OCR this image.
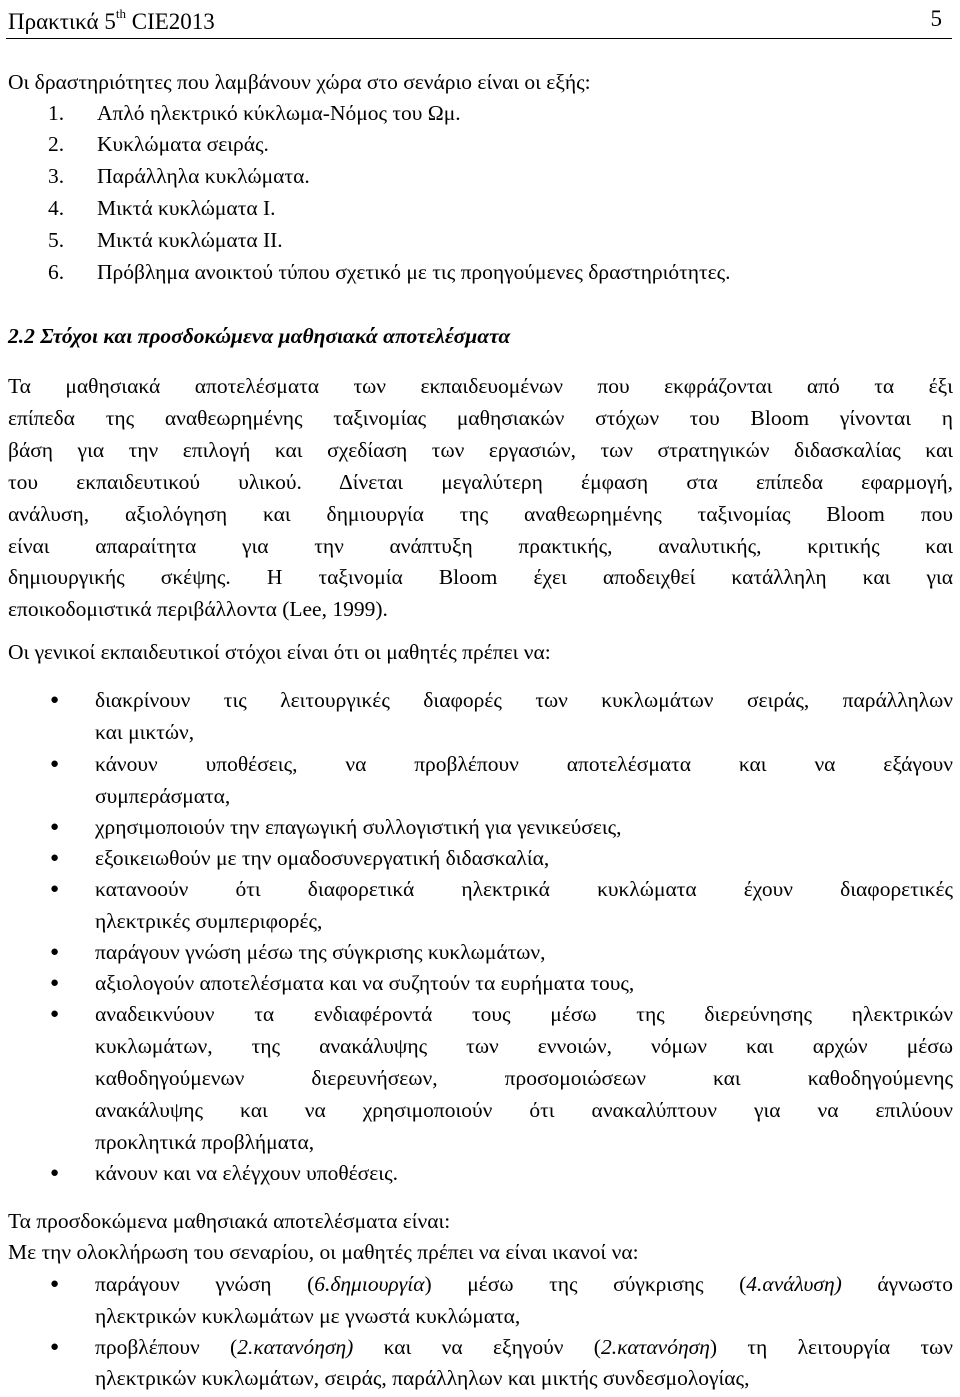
Πρακτικά 5th CIE2013	5
Οι δραστηριότητες που λαμβάνουν χώρα στο σενάριο είναι οι εξής:
1. Απλό ηλεκτρικό κύκλωμα-Νόμος του Ωμ.
2. Κυκλώματα σειράς.
3. Παράλληλα κυκλώματα.
4. Μικτά κυκλώματα Ι.
5. Μικτά κυκλώματα ΙΙ.
6. Πρόβλημα ανοικτού τύπου σχετικό με τις προηγούμενες δραστηριότητες.
2.2 Στόχοι και προσδοκώμενα μαθησιακά αποτελέσματα
Τα μαθησιακά αποτελέσματα των εκπαιδευομένων που εκφράζονται από τα έξι
επίπεδα της αναθεωρημένης ταξινομίας μαθησιακών στόχων του Bloom γίνονται η
βάση για την επιλογή και σχεδίαση των εργασιών, των στρατηγικών διδασκαλίας και
του εκπαιδευτικού υλικού. Δίνεται μεγαλύτερη έμφαση στα επίπεδα εφαρμογή,
ανάλυση, αξιολόγηση και δημιουργία της αναθεωρημένης ταξινομίας Bloom που
είναι απαραίτητα για την ανάπτυξη πρακτικής, αναλυτικής, κριτικής και
δημιουργικής σκέψης. Η ταξινομία Bloom έχει αποδειχθεί κατάλληλη και για
εποικοδομιστικά περιβάλλοντα (Lee, 1999).
Οι γενικοί εκπαιδευτικοί στόχοι είναι ότι οι μαθητές πρέπει να:
● διακρίνουν τις λειτουργικές διαφορές των κυκλωμάτων σειράς, παράλληλων
και μικτών,
● κάνουν υποθέσεις, να προβλέπουν αποτελέσματα και να εξάγουν
συμπεράσματα,
● χρησιμοποιούν την επαγωγική συλλογιστική για γενικεύσεις,
● εξοικειωθούν με την ομαδοσυνεργατική διδασκαλία,
● κατανοούν ότι διαφορετικά ηλεκτρικά κυκλώματα έχουν διαφορετικές
ηλεκτρικές συμπεριφορές,
● παράγουν γνώση μέσω της σύγκρισης κυκλωμάτων,
● αξιολογούν αποτελέσματα και να συζητούν τα ευρήματα τους,
● αναδεικνύουν τα ενδιαφέροντά τους μέσω της διερεύνησης ηλεκτρικών
κυκλωμάτων, της ανακάλυψης των εννοιών, νόμων και αρχών μέσω
καθοδηγούμενων διερευνήσεων, προσομοιώσεων και καθοδηγούμενης
ανακάλυψης και να χρησιμοποιούν ότι ανακαλύπτουν για να επιλύουν
προκλητικά προβλήματα,
● κάνουν και να ελέγχουν υποθέσεις.
Τα προσδοκώμενα μαθησιακά αποτελέσματα είναι:
Με την ολοκλήρωση του σεναρίου, οι μαθητές πρέπει να είναι ικανοί να:
● παράγουν γνώση (6.δημιουργία) μέσω της σύγκρισης (4.ανάλυση) άγνωστο
ηλεκτρικών κυκλωμάτων με γνωστά κυκλώματα,
● προβλέπουν (2.κατανόηση) και να εξηγούν (2.κατανόηση) τη λειτουργία των
ηλεκτρικών κυκλωμάτων, σειράς, παράλληλων και μικτής συνδεσμολογίας,
